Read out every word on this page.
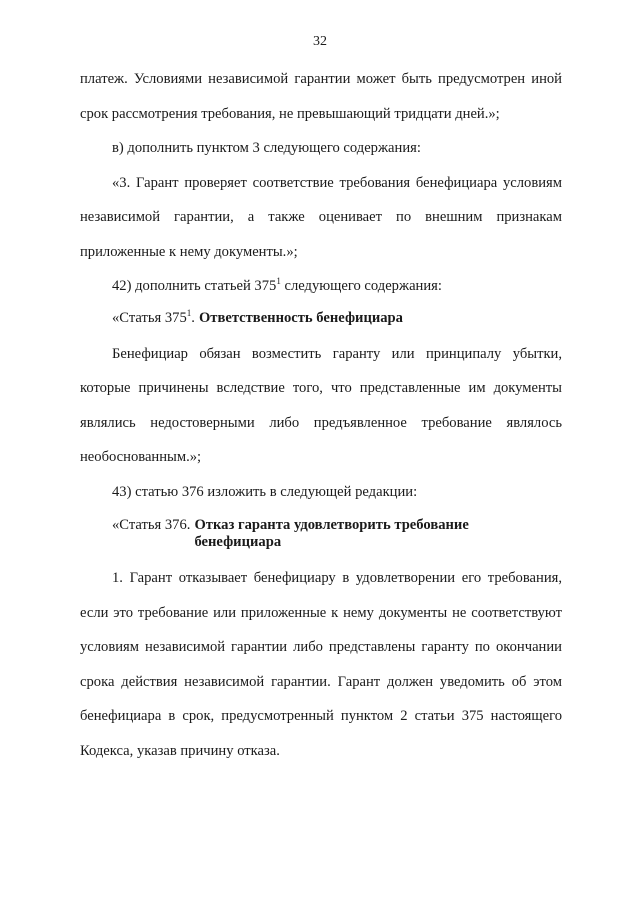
32

платеж. Условиями независимой гарантии может быть предусмотрен иной срок рассмотрения требования, не превышающий тридцати дней.»;

в) дополнить пунктом 3 следующего содержания:

«3. Гарант проверяет соответствие требования бенефициара условиям независимой гарантии, а также оценивает по внешним признакам приложенные к нему документы.»;

42) дополнить статьей $375^1$ следующего содержания:

«Статья $375^1$. Ответственность бенефициара

Бенефициар обязан возместить гаранту или принципалу убытки, которые причинены вследствие того, что представленные им документы являлись недостоверными либо предъявленное требование являлось необоснованным.»;

43) статью 376 изложить в следующей редакции:

«Статья 376. Отказ гаранта удовлетворить требование бенефициара

1. Гарант отказывает бенефициару в удовлетворении его требования, если это требование или приложенные к нему документы не соответствуют условиям независимой гарантии либо представлены гаранту по окончании срока действия независимой гарантии. Гарант должен уведомить об этом бенефициара в срок, предусмотренный пунктом 2 статьи 375 настоящего Кодекса, указав причину отказа.
